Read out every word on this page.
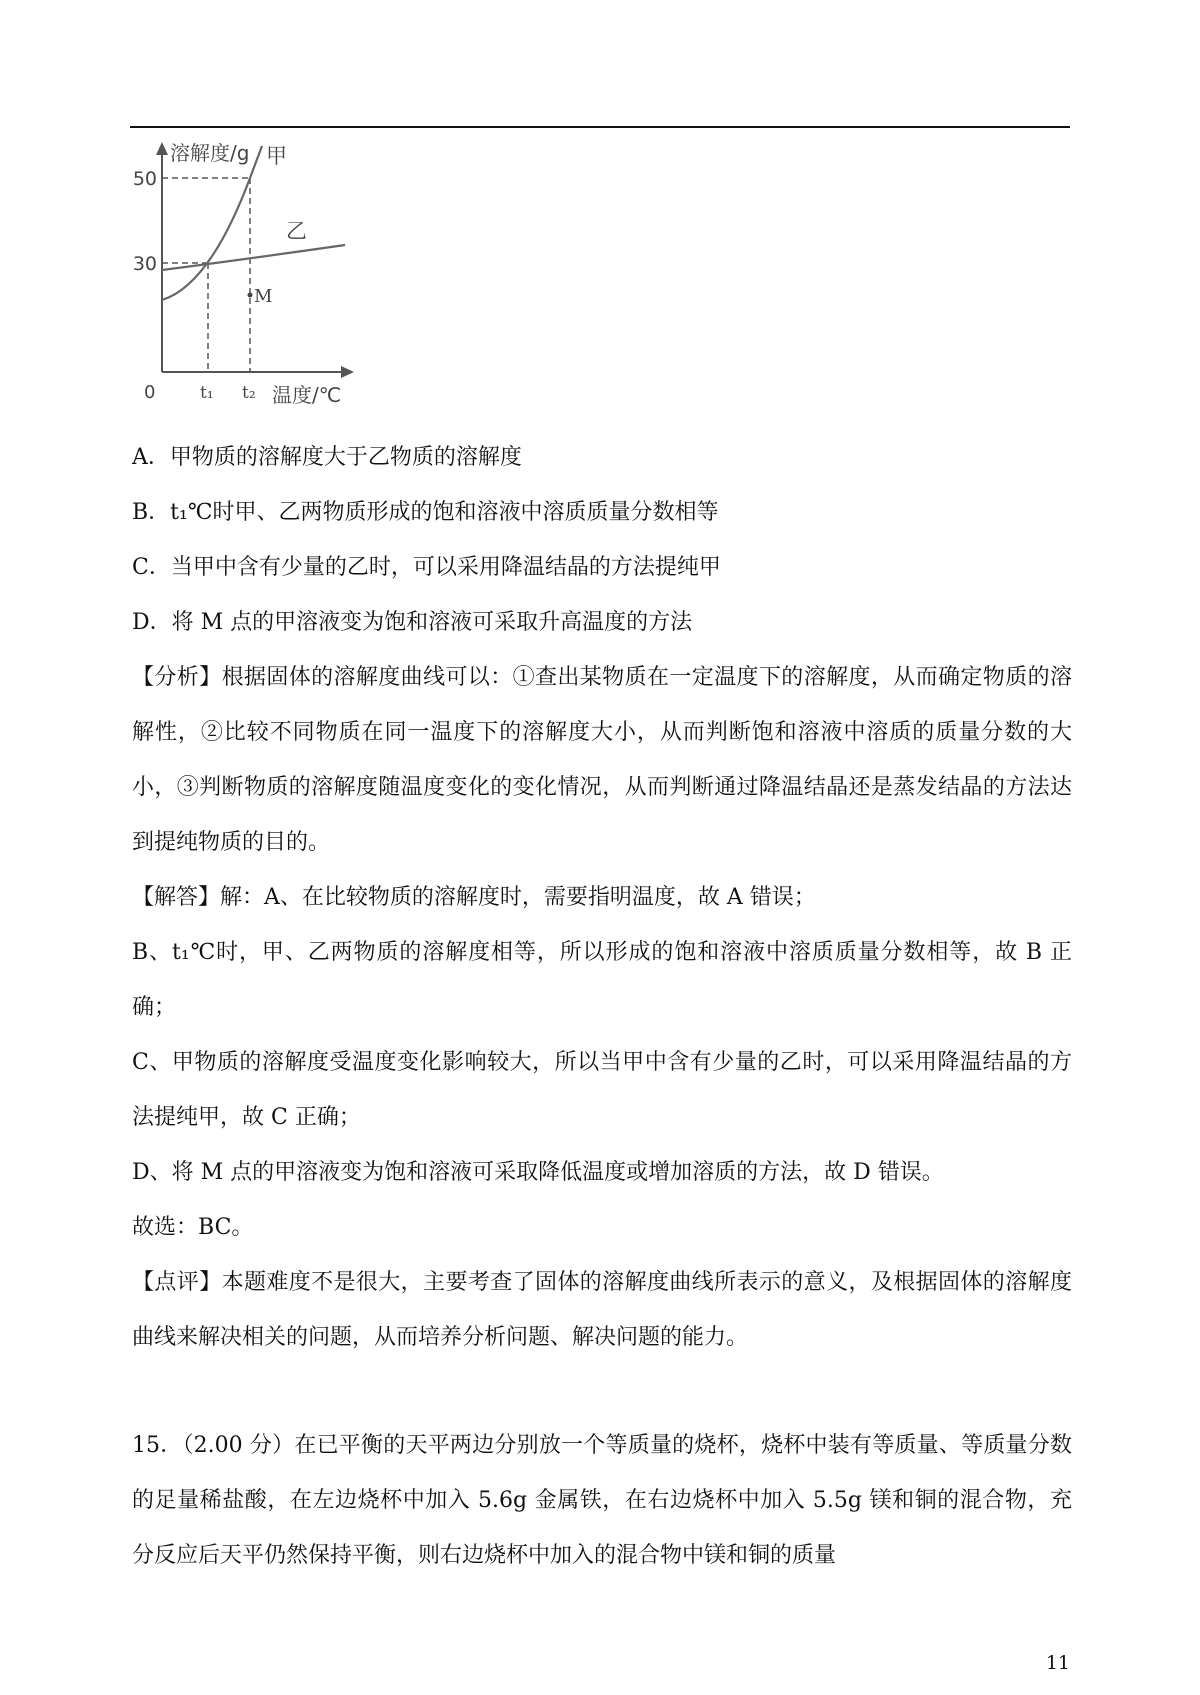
溶解度/g 甲
乙
50
30
M
0	t₁ t₂ 温度/℃
A．甲物质的溶解度大于乙物质的溶解度
B．t₁℃时甲、乙两物质形成的饱和溶液中溶质质量分数相等
C．当甲中含有少量的乙时，可以采用降温结晶的方法提纯甲
D．将 M 点的甲溶液变为饱和溶液可采取升高温度的方法

【分析】根据固体的溶解度曲线可以：①查出某物质在一定温度下的溶解度，从而确定物质的溶解性，②比较不同物质在同一温度下的溶解度大小，从而判断饱和溶液中溶质的质量分数的大小，③判断物质的溶解度随温度变化的变化情况，从而判断通过降温结晶还是蒸发结晶的方法达到提纯物质的目的。

【解答】解：A、在比较物质的溶解度时，需要指明温度，故 A 错误；

B、t₁℃时，甲、乙两物质的溶解度相等，所以形成的饱和溶液中溶质质量分数相等，故 B 正确；

C、甲物质的溶解度受温度变化影响较大，所以当甲中含有少量的乙时，可以采用降温结晶的方法提纯甲，故 C 正确；

D、将 M 点的甲溶液变为饱和溶液可采取降低温度或增加溶质的方法，故 D 错误。

故选：BC。

【点评】本题难度不是很大，主要考查了固体的溶解度曲线所表示的意义，及根据固体的溶解度曲线来解决相关的问题，从而培养分析问题、解决问题的能力。

15．（2.00 分）在已平衡的天平两边分别放一个等质量的烧杯，烧杯中装有等质量、等质量分数的足量稀盐酸，在左边烧杯中加入 5.6g 金属铁，在右边烧杯中加入 5.5g 镁和铜的混合物，充分反应后天平仍然保持平衡，则右边烧杯中加入的混合物中镁和铜的质量

11
